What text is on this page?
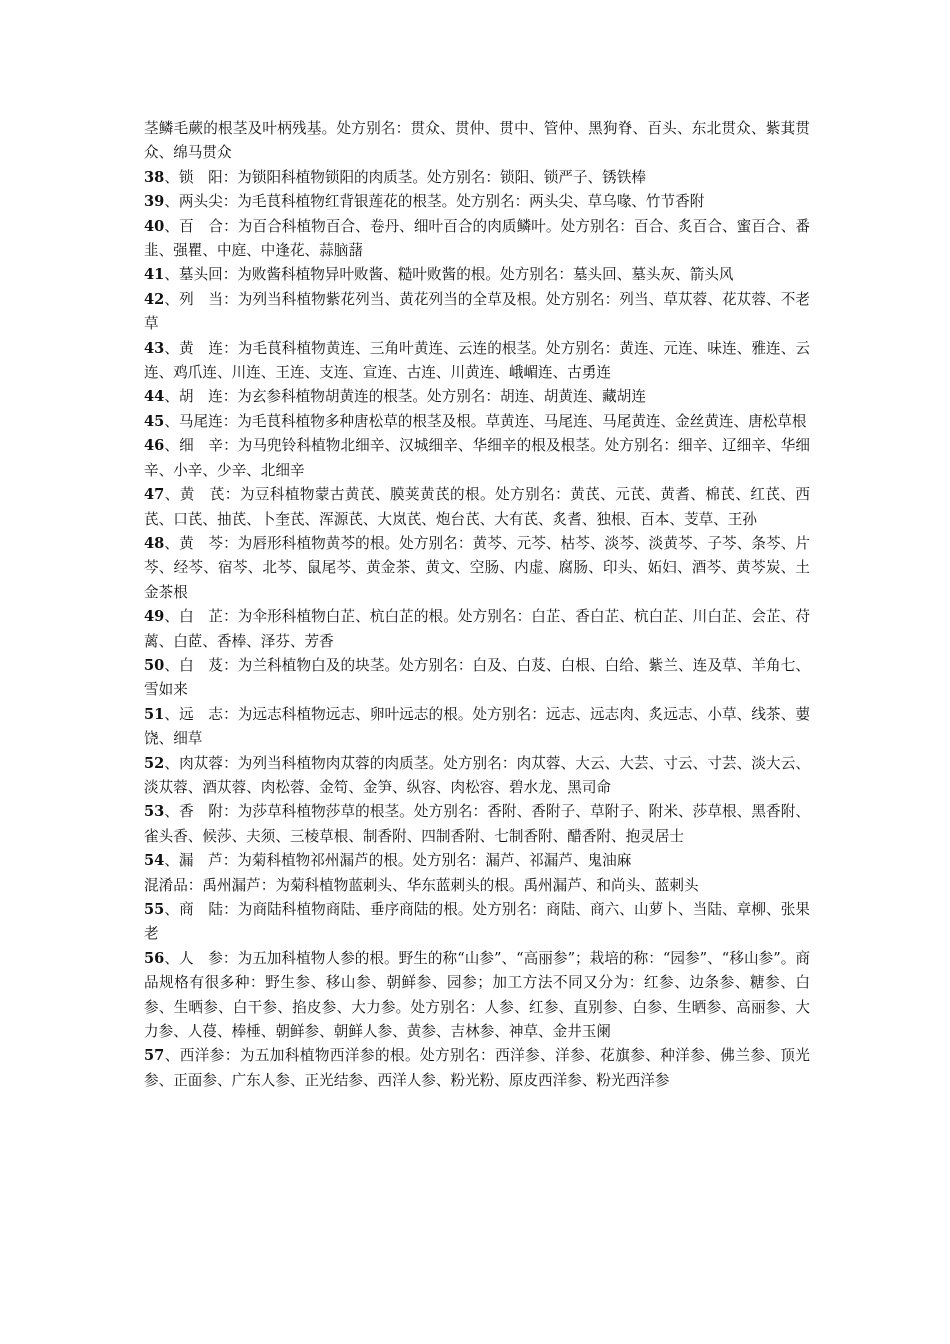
茎鳞毛蕨的根茎及叶柄残基。处方别名：贯众、贯仲、贯中、管仲、黑狗脊、百头、东北贯众、紫萁贯众、绵马贯众

38、锁　阳：为锁阳科植物锁阳的肉质茎。处方别名：锁阳、锁严子、锈铁棒

39、两头尖：为毛茛科植物红背银莲花的根茎。处方别名：两头尖、草乌喙、竹节香附

40、百　合：为百合科植物百合、卷丹、细叶百合的肉质鳞叶。处方别名：百合、炙百合、蜜百合、番韭、强瞿、中庭、中逢花、蒜脑藷

41、墓头回：为败酱科植物异叶败酱、糙叶败酱的根。处方别名：墓头回、墓头灰、箭头风

42、列　当：为列当科植物紫花列当、黄花列当的全草及根。处方别名：列当、草苁蓉、花苁蓉、不老草

43、黄　连：为毛茛科植物黄连、三角叶黄连、云连的根茎。处方别名：黄连、元连、味连、雅连、云连、鸡爪连、川连、王连、支连、宣连、古连、川黄连、峨嵋连、古勇连

44、胡　连：为玄参科植物胡黄连的根茎。处方别名：胡连、胡黄连、藏胡连

45、马尾连：为毛茛科植物多种唐松草的根茎及根。草黄连、马尾连、马尾黄连、金丝黄连、唐松草根

46、细　辛：为马兜铃科植物北细辛、汉城细辛、华细辛的根及根茎。处方别名：细辛、辽细辛、华细辛、小辛、少辛、北细辛

47、黄　芪：为豆科植物蒙古黄芪、膜荚黄芪的根。处方别名：黄芪、元芪、黄耆、棉芪、红芪、西芪、口芪、抽芪、卜奎芪、浑源芪、大岚芪、炮台芪、大有芪、炙耆、独根、百本、芰草、王孙

48、黄　芩：为唇形科植物黄芩的根。处方别名：黄芩、元芩、枯芩、淡芩、淡黄芩、子芩、条芩、片芩、经芩、宿芩、北芩、鼠尾芩、黄金茶、黄文、空肠、内虚、腐肠、印头、妬妇、酒芩、黄芩炭、土金茶根

49、白　芷：为伞形科植物白芷、杭白芷的根。处方别名：白芷、香白芷、杭白芷、川白芷、会芷、苻蓠、白茝、香棒、泽芬、芳香

50、白　芨：为兰科植物白及的块茎。处方别名：白及、白芨、白根、白给、紫兰、连及草、羊角七、雪如来

51、远　志：为远志科植物远志、卵叶远志的根。处方别名：远志、远志肉、炙远志、小草、线茶、葽饶、细草

52、肉苁蓉：为列当科植物肉苁蓉的肉质茎。处方别名：肉苁蓉、大云、大芸、寸云、寸芸、淡大云、淡苁蓉、酒苁蓉、肉松蓉、金笱、金笋、纵容、肉松容、碧水龙、黑司命

53、香　附：为莎草科植物莎草的根茎。处方别名：香附、香附子、草附子、附米、莎草根、黑香附、雀头香、候莎、夫须、三棱草根、制香附、四制香附、七制香附、醋香附、抱灵居士

54、漏　芦：为菊科植物祁州漏芦的根。处方别名：漏芦、祁漏芦、鬼油麻

混淆品：禹州漏芦：为菊科植物蓝刺头、华东蓝刺头的根。禹州漏芦、和尚头、蓝刺头

55、商　陆：为商陆科植物商陆、垂序商陆的根。处方别名：商陆、商六、山萝卜、当陆、章柳、张果老

56、人　参：为五加科植物人参的根。野生的称“山参”、“高丽参”；栽培的称：“园参”、“移山参”。商品规格有很多种：野生参、移山参、朝鲜参、园参；加工方法不同又分为：红参、边条参、糖参、白参、生晒参、白干参、掐皮参、大力参。处方别名：人参、红参、直别参、白参、生晒参、高丽参、大力参、人葠、棒棰、朝鲜参、朝鲜人参、黄参、吉林参、神草、金井玉阑

57、西洋参：为五加科植物西洋参的根。处方别名：西洋参、洋参、花旗参、种洋参、佛兰参、顶光参、正面参、广东人参、正光结参、西洋人参、粉光粉、原皮西洋参、粉光西洋参
